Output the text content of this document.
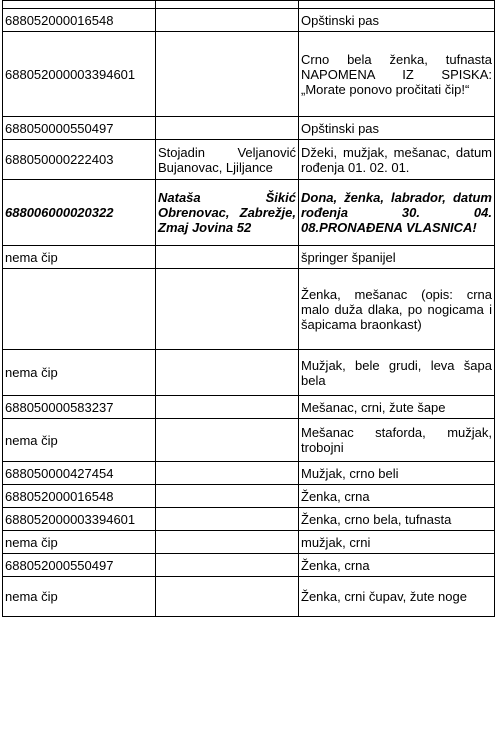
688052000016548		Opštinski pas
688052000003394601		Crno bela ženka, tufnasta NAPOMENA IZ SPISKA: „Morate ponovo pročitati čip!“
688050000550497		Opštinski pas
688050000222403	Stojadin Veljanović Bujanovac, Ljiljance	Džeki, mužjak, mešanac, datum rođenja 01. 02. 01.
688006000020322	Nataša Šikić Obrenovac, Zabrežje, Zmaj Jovina 52	Dona, ženka, labrador, datum rođenja 30. 04. 08.PRONAĐENA VLASNICA!
nema čip		špringer španijel
		Ženka, mešanac (opis: crna malo duža dlaka, po nogicama i šapicama braonkast)
nema čip		Mužjak, bele grudi, leva šapa bela
688050000583237		Mešanac, crni, žute šape
nema čip		Mešanac staforda, mužjak, trobojni
688050000427454		Mužjak, crno beli
688052000016548		Ženka, crna
688052000003394601		Ženka, crno bela, tufnasta
nema čip		mužjak, crni
688052000550497		Ženka, crna
nema čip		Ženka, crni čupav, žute noge
